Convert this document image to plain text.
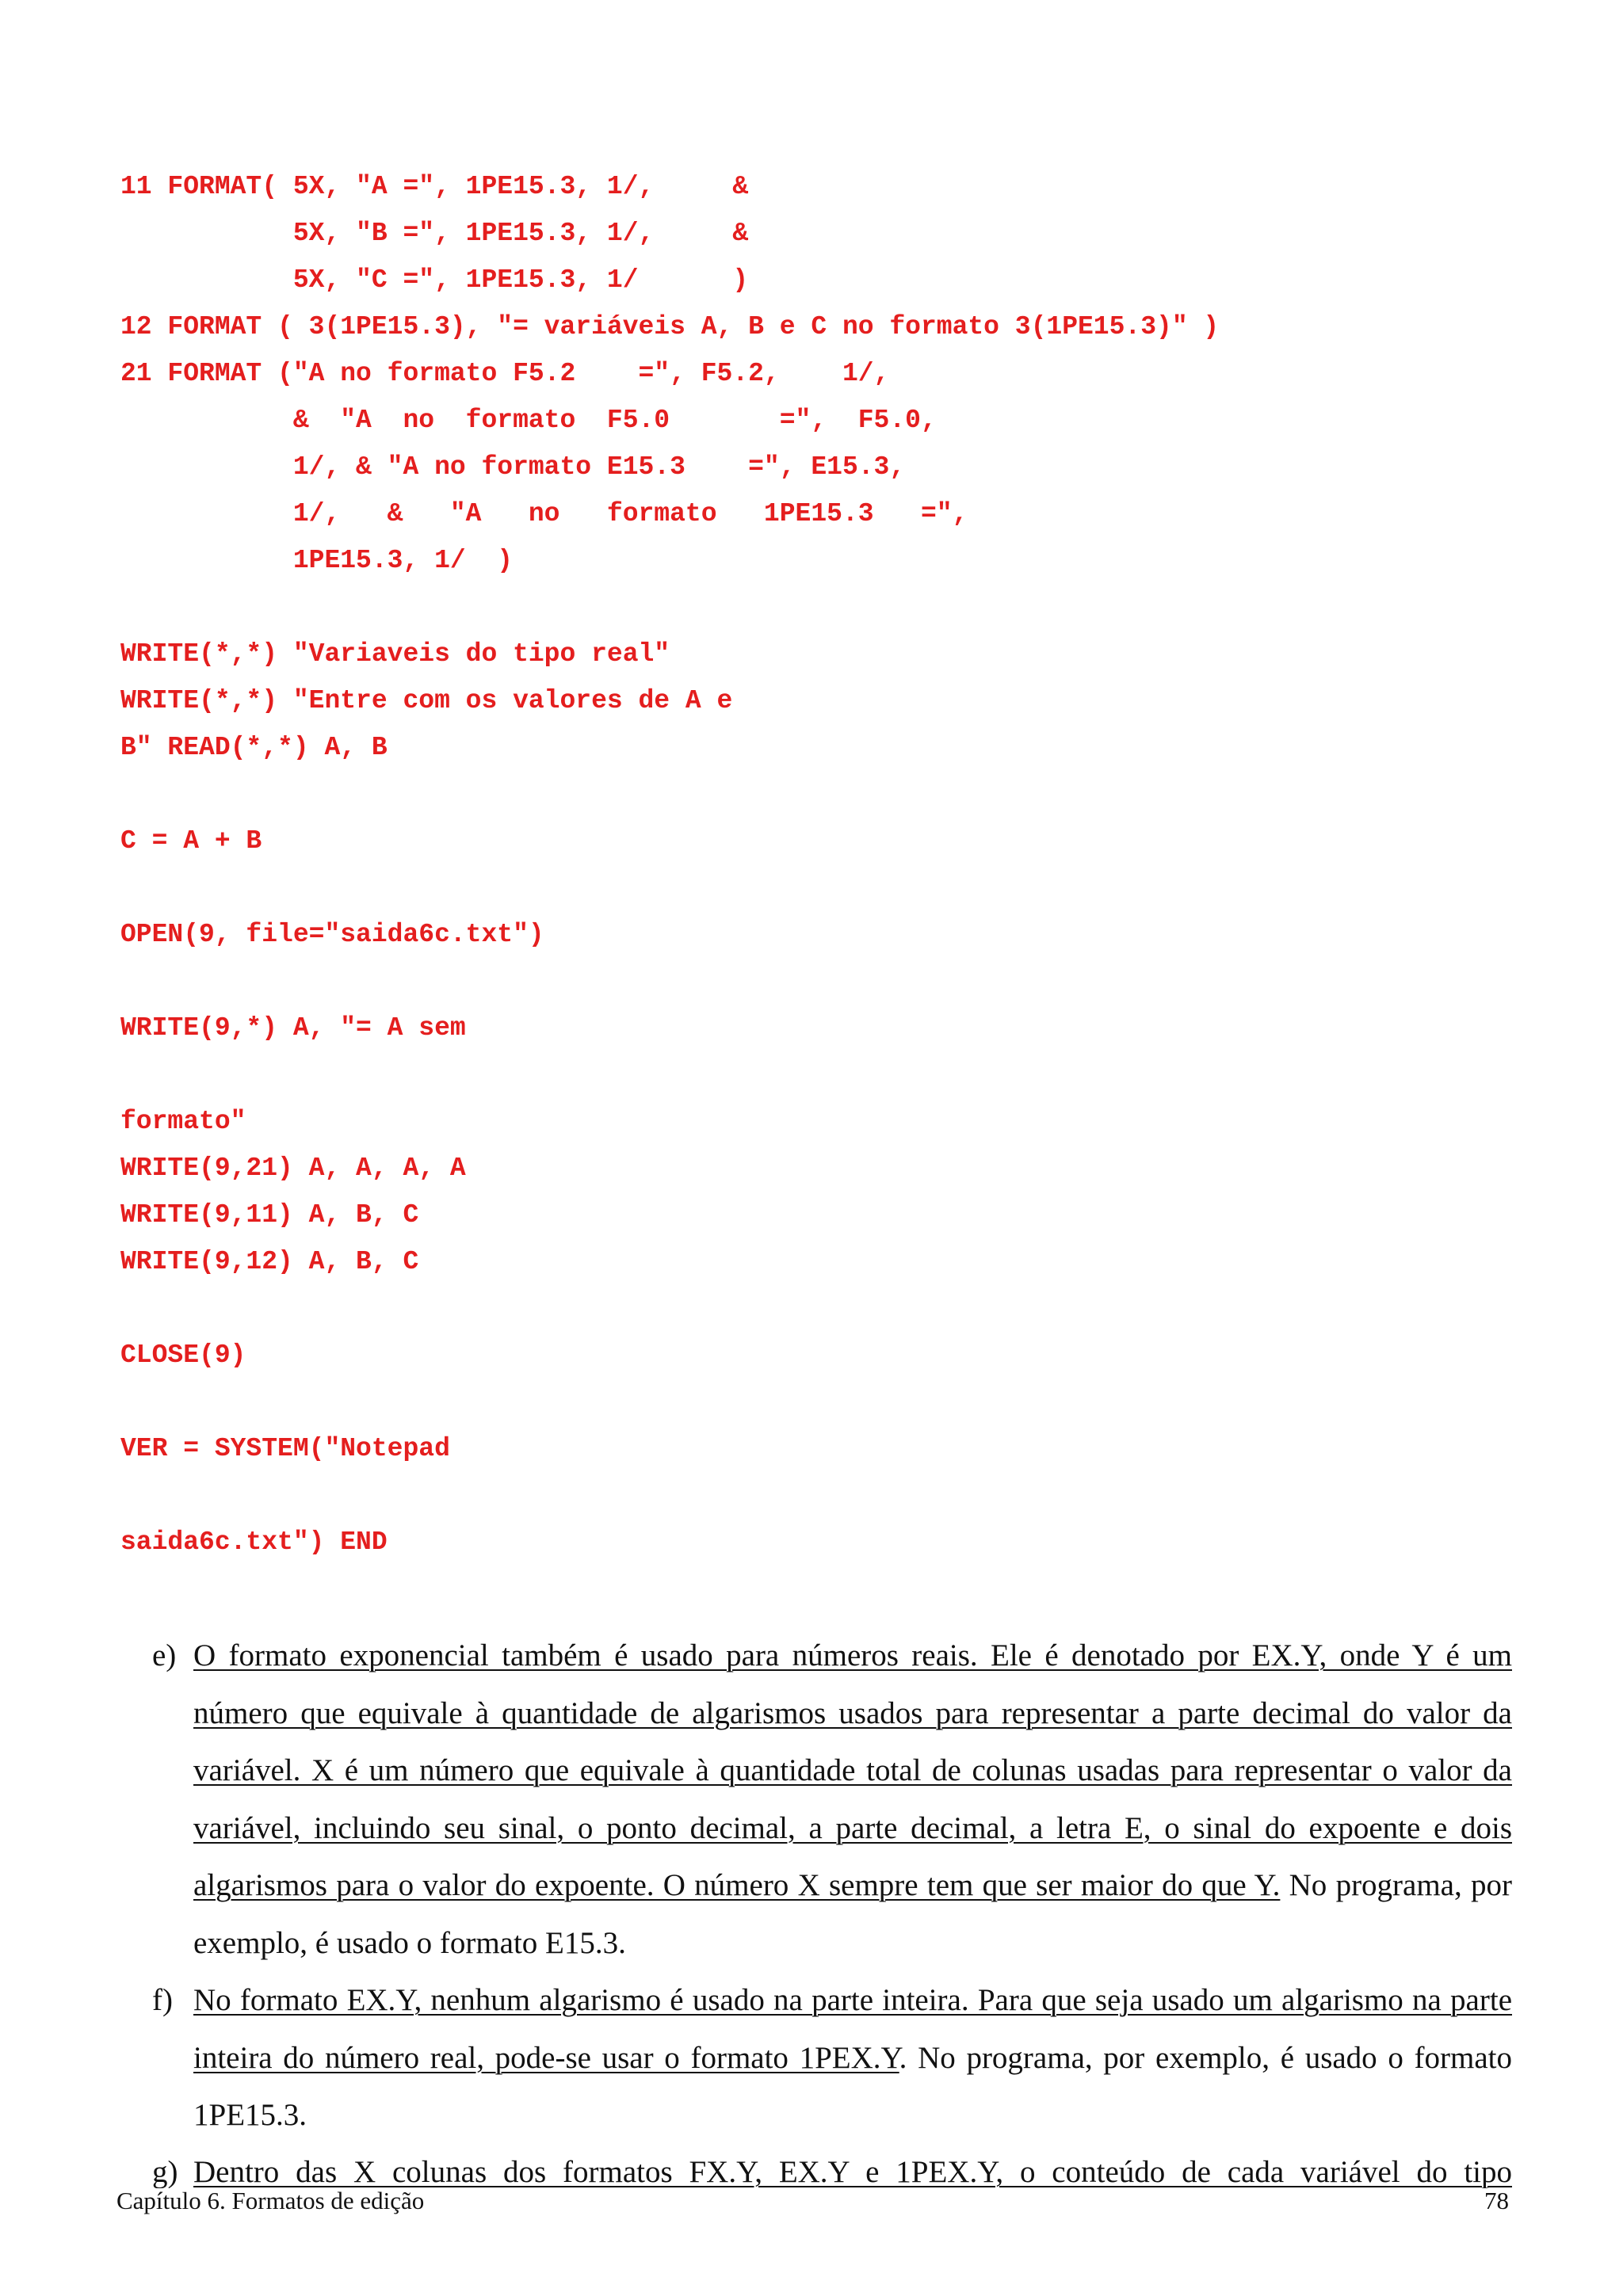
11 FORMAT( 5X, "A =", 1PE15.3, 1/,     &
5X, "B =", 1PE15.3, 1/,     &
5X, "C =", 1PE15.3, 1/      )
12 FORMAT ( 3(1PE15.3), "= variáveis A, B e C no formato 3(1PE15.3)" )
21 FORMAT ("A no formato F5.2    =", F5.2,    1/,
&  "A  no  formato  F5.0       =",  F5.0,
1/, & "A no formato E15.3    =", E15.3,
1/,   &   "A   no   formato   1PE15.3   =",
1PE15.3, 1/  )
WRITE(*,*) "Variaveis do tipo real"
WRITE(*,*) "Entre com os valores de A e
B" READ(*,*) A, B
C = A + B
OPEN(9, file="saida6c.txt")
WRITE(9,*) A, "= A sem
formato"
WRITE(9,21) A, A, A, A
WRITE(9,11) A, B, C
WRITE(9,12) A, B, C
CLOSE(9)
VER = SYSTEM("Notepad
saida6c.txt") END
e) O formato exponencial também é usado para números reais. Ele é denotado por EX.Y, onde Y é um número que equivale à quantidade de algarismos usados para representar a parte decimal do valor da variável. X é um número que equivale à quantidade total de colunas usadas para representar o valor da variável, incluindo seu sinal, o ponto decimal, a parte decimal, a letra E, o sinal do expoente e dois algarismos para o valor do expoente. O número X sempre tem que ser maior do que Y. No programa, por exemplo, é usado o formato E15.3.
f) No formato EX.Y, nenhum algarismo é usado na parte inteira. Para que seja usado um algarismo na parte inteira do número real, pode-se usar o formato 1PEX.Y. No programa, por exemplo, é usado o formato 1PE15.3.
g) Dentro das X colunas dos formatos FX.Y, EX.Y e 1PEX.Y, o conteúdo de cada variável do tipo
Capítulo 6. Formatos de edição	78
